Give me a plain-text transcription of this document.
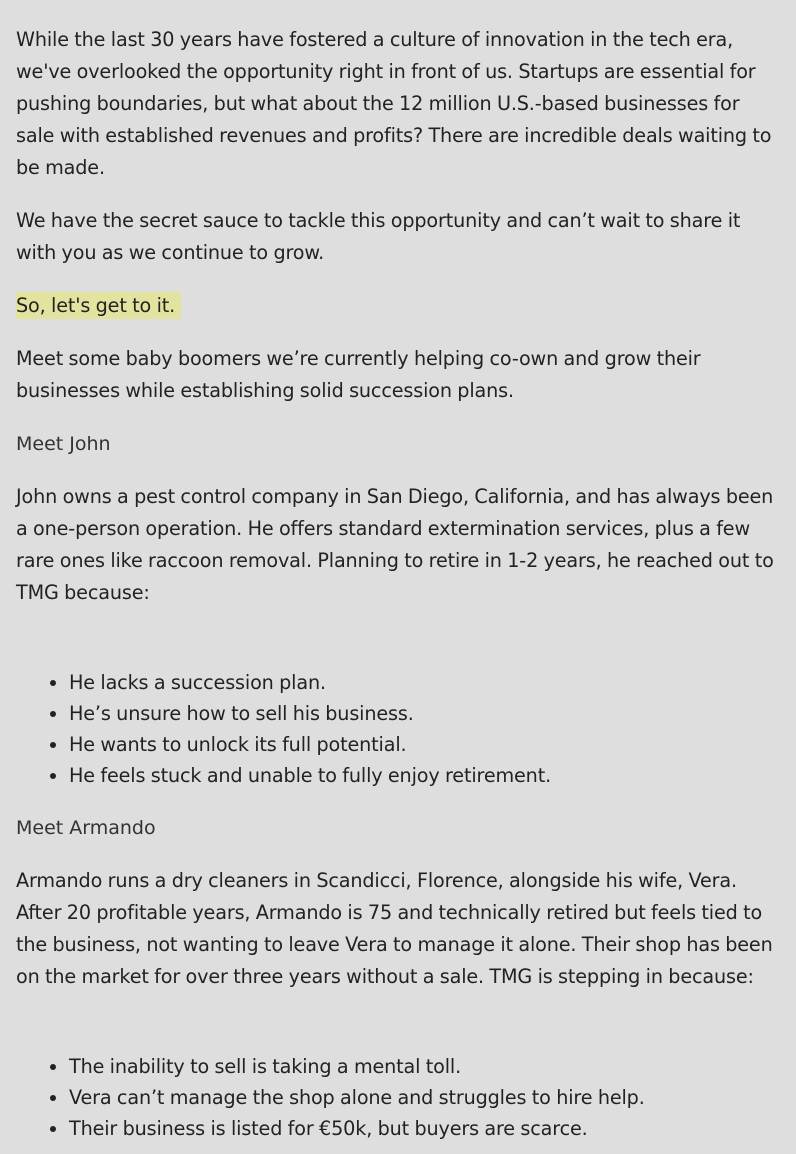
While the last 30 years have fostered a culture of innovation in the tech era, we've overlooked the opportunity right in front of us. Startups are essential for pushing boundaries, but what about the 12 million U.S.-based businesses for sale with established revenues and profits? There are incredible deals waiting to be made.

We have the secret sauce to tackle this opportunity and can’t wait to share it with you as we continue to grow.

So, let's get to it.

Meet some baby boomers we’re currently helping co-own and grow their businesses while establishing solid succession plans.

Meet John

John owns a pest control company in San Diego, California, and has always been a one-person operation. He offers standard extermination services, plus a few rare ones like raccoon removal. Planning to retire in 1-2 years, he reached out to TMG because:

• He lacks a succession plan.
• He’s unsure how to sell his business.
• He wants to unlock its full potential.
• He feels stuck and unable to fully enjoy retirement.

Meet Armando

Armando runs a dry cleaners in Scandicci, Florence, alongside his wife, Vera. After 20 profitable years, Armando is 75 and technically retired but feels tied to the business, not wanting to leave Vera to manage it alone. Their shop has been on the market for over three years without a sale. TMG is stepping in because:

• The inability to sell is taking a mental toll.
• Vera can’t manage the shop alone and struggles to hire help.
• Their business is listed for €50k, but buyers are scarce.
